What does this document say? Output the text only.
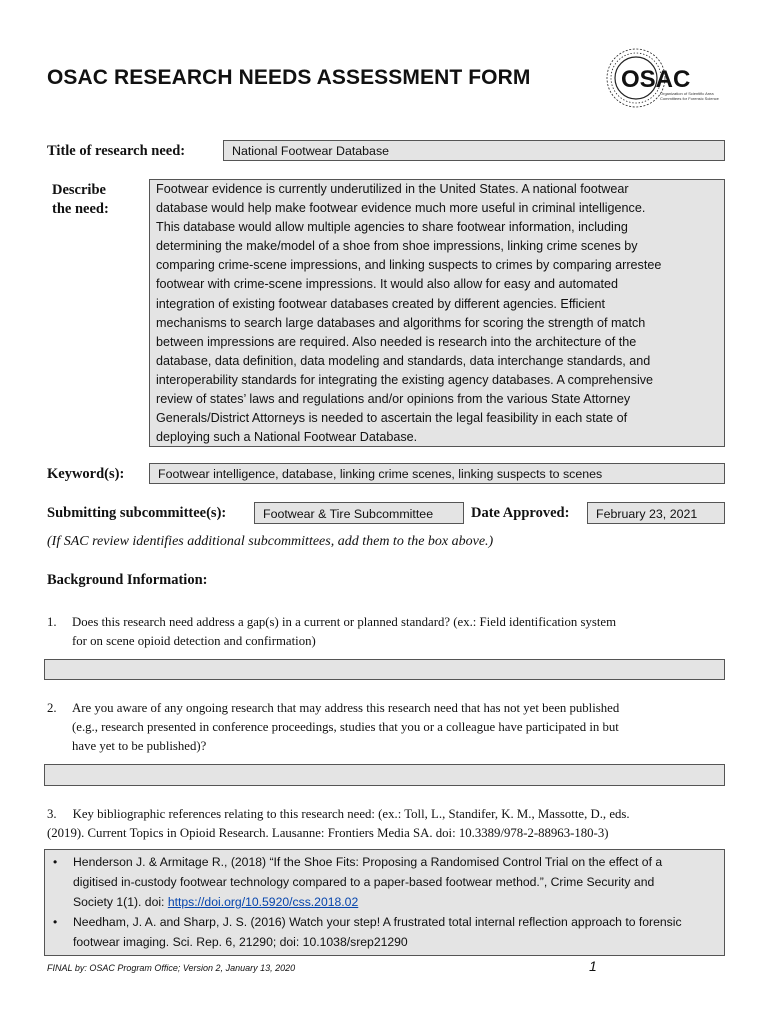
OSAC RESEARCH NEEDS ASSESSMENT FORM	OSAC
Organization of Scientific Area
Committees for Forensic Science
Title of research need:	National Footwear Database
Describe
the need:
Footwear evidence is currently underutilized in the United States. A national footwear
database would help make footwear evidence much more useful in criminal intelligence.
This database would allow multiple agencies to share footwear information, including
determining the make/model of a shoe from shoe impressions, linking crime scenes by
comparing crime-scene impressions, and linking suspects to crimes by comparing arrestee
footwear with crime-scene impressions. It would also allow for easy and automated
integration of existing footwear databases created by different agencies. Efficient
mechanisms to search large databases and algorithms for scoring the strength of match
between impressions are required. Also needed is research into the architecture of the
database, data definition, data modeling and standards, data interchange standards, and
interoperability standards for integrating the existing agency databases. A comprehensive
review of states’ laws and regulations and/or opinions from the various State Attorney
Generals/District Attorneys is needed to ascertain the legal feasibility in each state of
deploying such a National Footwear Database.
Keyword(s):	Footwear intelligence, database, linking crime scenes, linking suspects to scenes
Submitting subcommittee(s):	Footwear & Tire Subcommittee	Date Approved:	February 23, 2021
(If SAC review identifies additional subcommittees, add them to the box above.)
Background Information:
1. Does this research need address a gap(s) in a current or planned standard? (ex.: Field identification system
for on scene opioid detection and confirmation)
2. Are you aware of any ongoing research that may address this research need that has not yet been published
(e.g., research presented in conference proceedings, studies that you or a colleague have participated in but
have yet to be published)?
3.     Key bibliographic references relating to this research need: (ex.: Toll, L., Standifer, K. M., Massotte, D., eds.
(2019). Current Topics in Opioid Research. Lausanne: Frontiers Media SA. doi: 10.3389/978-2-88963-180-3)
• Henderson J. & Armitage R., (2018) “If the Shoe Fits: Proposing a Randomised Control Trial on the effect of a
digitised in-custody footwear technology compared to a paper-based footwear method.”, Crime Security and
Society 1(1). doi: https://doi.org/10.5920/css.2018.02
• Needham, J. A. and Sharp, J. S. (2016) Watch your step! A frustrated total internal reflection approach to forensic
footwear imaging. Sci. Rep. 6, 21290; doi: 10.1038/srep21290
FINAL by: OSAC Program Office; Version 2, January 13, 2020	1
